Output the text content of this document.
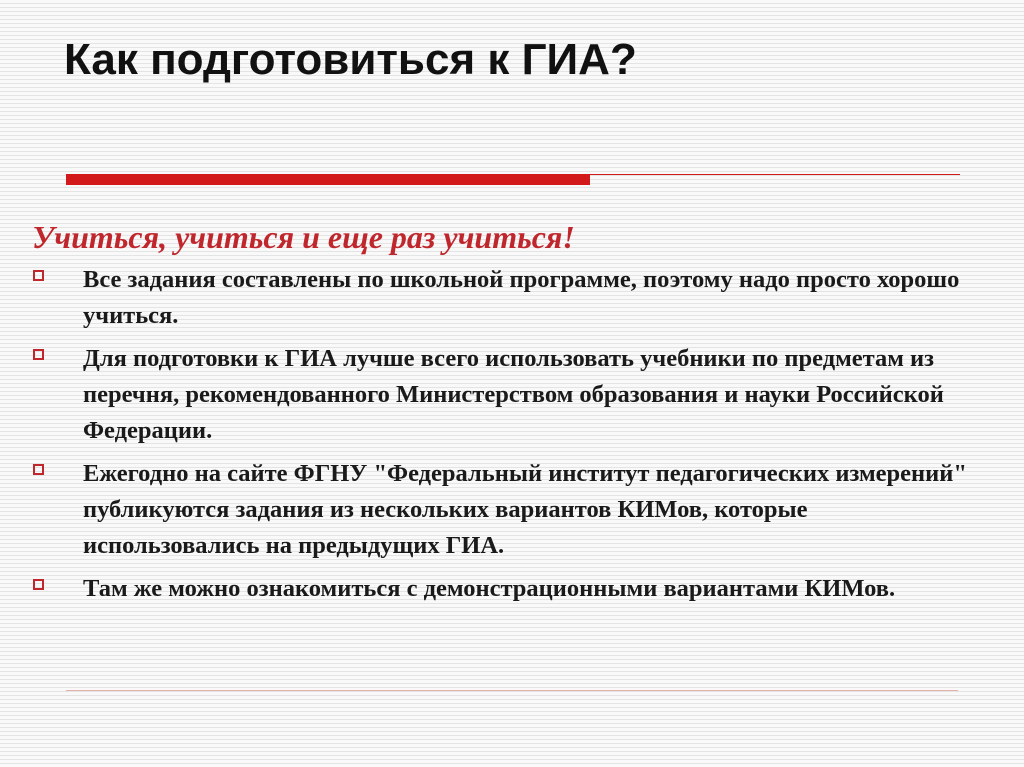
Как подготовиться к ГИА?
Учиться, учиться и еще раз учиться!
Все задания составлены по школьной программе, поэтому надо просто хорошо учиться.
Для подготовки к ГИА лучше всего использовать учебники по предметам из перечня, рекомендованного Министерством образования и науки Российской Федерации.
Ежегодно на сайте ФГНУ "Федеральный институт педагогических измерений" публикуются задания из нескольких вариантов КИМов, которые использовались на предыдущих ГИА.
Там же можно ознакомиться с демонстрационными вариантами КИМов.
